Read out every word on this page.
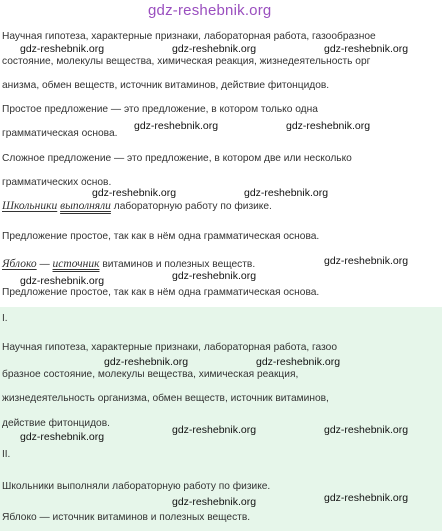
gdz-reshebnik.org
Научная гипотеза, характерные признаки, лабораторная работа, газообразное
состояние, молекулы вещества, химическая реакция, жизнедеятельность орг
анизма, обмен веществ, источник витаминов, действие фитонцидов.
Простое предложение — это предложение, в котором только одна
грамматическая основа.
Сложное предложение — это предложение, в котором две или несколько
грамматических основ.
Школьники выполняли лабораторную работу по физике.
Предложение простое, так как в нём одна грамматическая основа.
Яблоко — источник витаминов и полезных веществ.
Предложение простое, так как в нём одна грамматическая основа.
I.
Научная гипотеза, характерные признаки, лабораторная работа, газоо
бразное состояние, молекулы вещества, химическая реакция,
жизнедеятельность организма, обмен веществ, источник витаминов,
действие фитонцидов.
II.
Школьники выполняли лабораторную работу по физике.
Яблоко — источник витаминов и полезных веществ.
gdz-reshebnik.org	gdz-reshebnik.org	gdz-reshebnik.org
gdz-reshebnik.org	gdz-reshebnik.org
gdz-reshebnik.org	gdz-reshebnik.org
gdz-reshebnik.org
gdz-reshebnik.org	gdz-reshebnik.org
gdz-reshebnik.org	gdz-reshebnik.org
gdz-reshebnik.org
gdz-reshebnik.org	gdz-reshebnik.org
gdz-reshebnik.org
gdz-reshebnik.org
